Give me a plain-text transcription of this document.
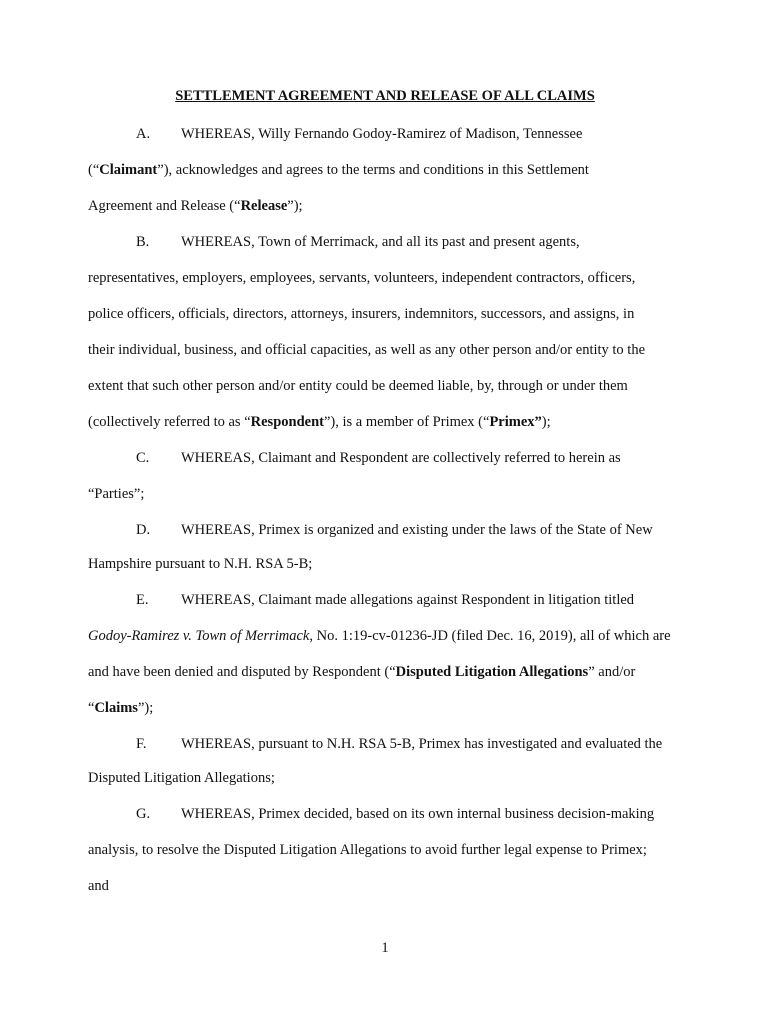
SETTLEMENT AGREEMENT AND RELEASE OF ALL CLAIMS
A. WHEREAS, Willy Fernando Godoy-Ramirez of Madison, Tennessee
(“Claimant”), acknowledges and agrees to the terms and conditions in this Settlement
Agreement and Release (“Release”);
B. WHEREAS, Town of Merrimack, and all its past and present agents,
representatives, employers, employees, servants, volunteers, independent contractors, officers,
police officers, officials, directors, attorneys, insurers, indemnitors, successors, and assigns, in
their individual, business, and official capacities, as well as any other person and/or entity to the
extent that such other person and/or entity could be deemed liable, by, through or under them
(collectively referred to as “Respondent”), is a member of Primex (“Primex”);
C. WHEREAS, Claimant and Respondent are collectively referred to herein as
“Parties”;
D. WHEREAS, Primex is organized and existing under the laws of the State of New
Hampshire pursuant to N.H. RSA 5-B;
E. WHEREAS, Claimant made allegations against Respondent in litigation titled
Godoy-Ramirez v. Town of Merrimack, No. 1:19-cv-01236-JD (filed Dec. 16, 2019), all of which are
and have been denied and disputed by Respondent (“Disputed Litigation Allegations” and/or
“Claims”);
F. WHEREAS, pursuant to N.H. RSA 5-B, Primex has investigated and evaluated the
Disputed Litigation Allegations;
G. WHEREAS, Primex decided, based on its own internal business decision-making
analysis, to resolve the Disputed Litigation Allegations to avoid further legal expense to Primex;
and
1
